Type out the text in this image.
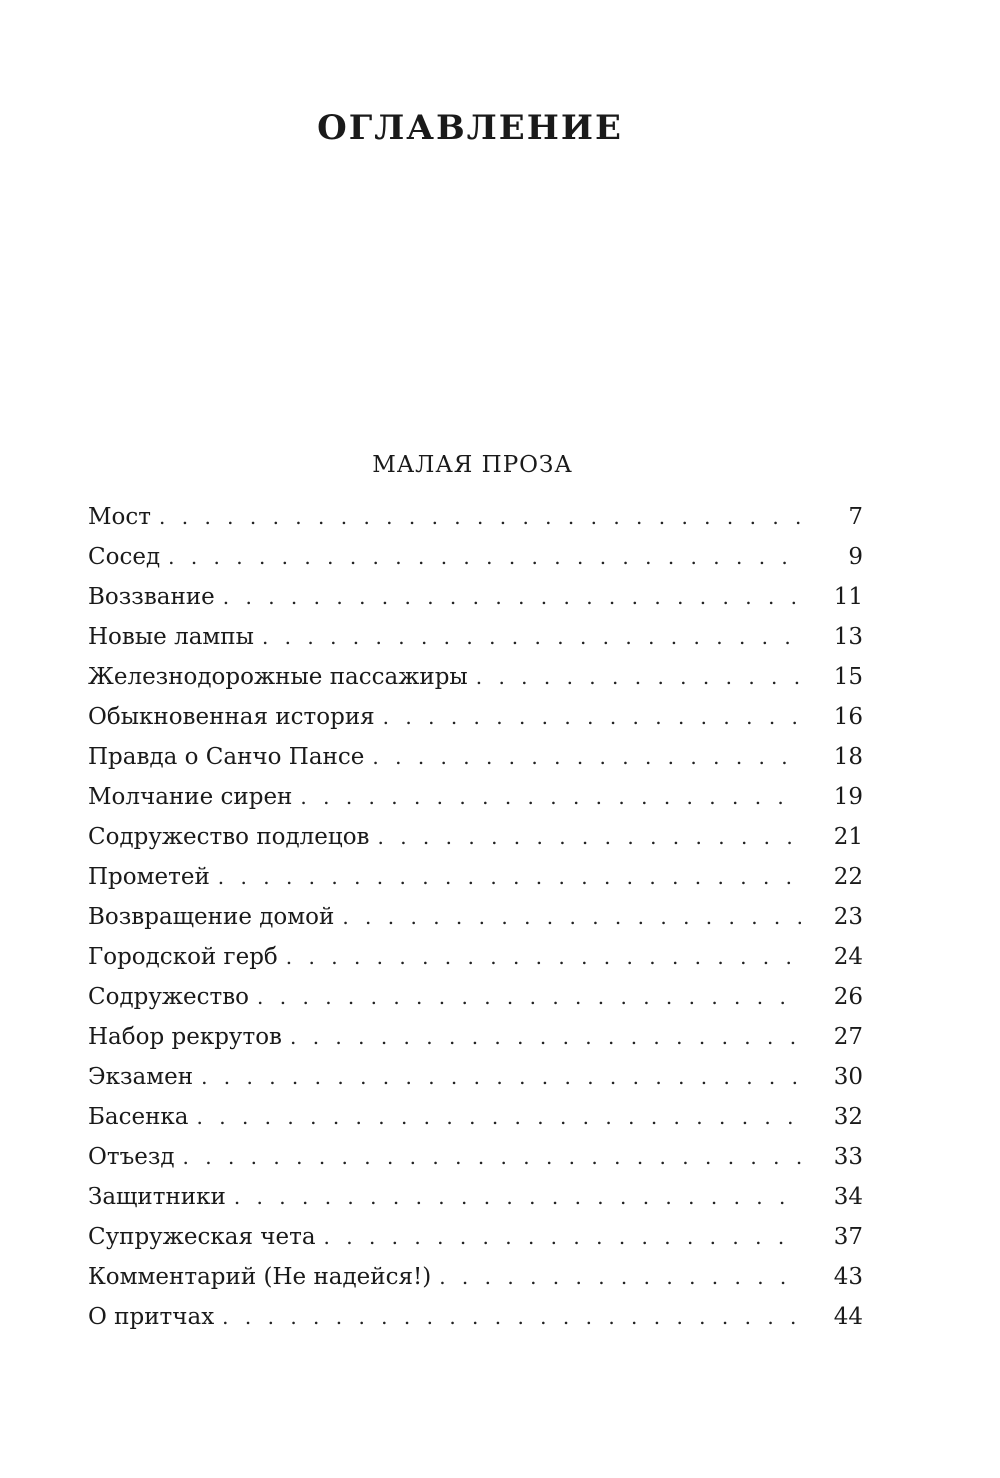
ОГЛАВЛЕНИЕ
МАЛАЯ ПРОЗА
Мост . . .	7
Сосед . . .	9
Воззвание . . .	11
Новые лампы . . .	13
Железнодорожные пассажиры . . .	15
Обыкновенная история . . .	16
Правда о Санчо Пансе . . .	18
Молчание сирен . . .	19
Содружество подлецов . . .	21
Прометей . . .	22
Возвращение домой . . .	23
Городской герб . . .	24
Содружество . . .	26
Набор рекрутов . . .	27
Экзамен . . .	30
Басенка . . .	32
Отъезд . . .	33
Защитники . . .	34
Супружеская чета . . .	37
Комментарий (Не надейся!) . . .	43
О притчах . . .	44
